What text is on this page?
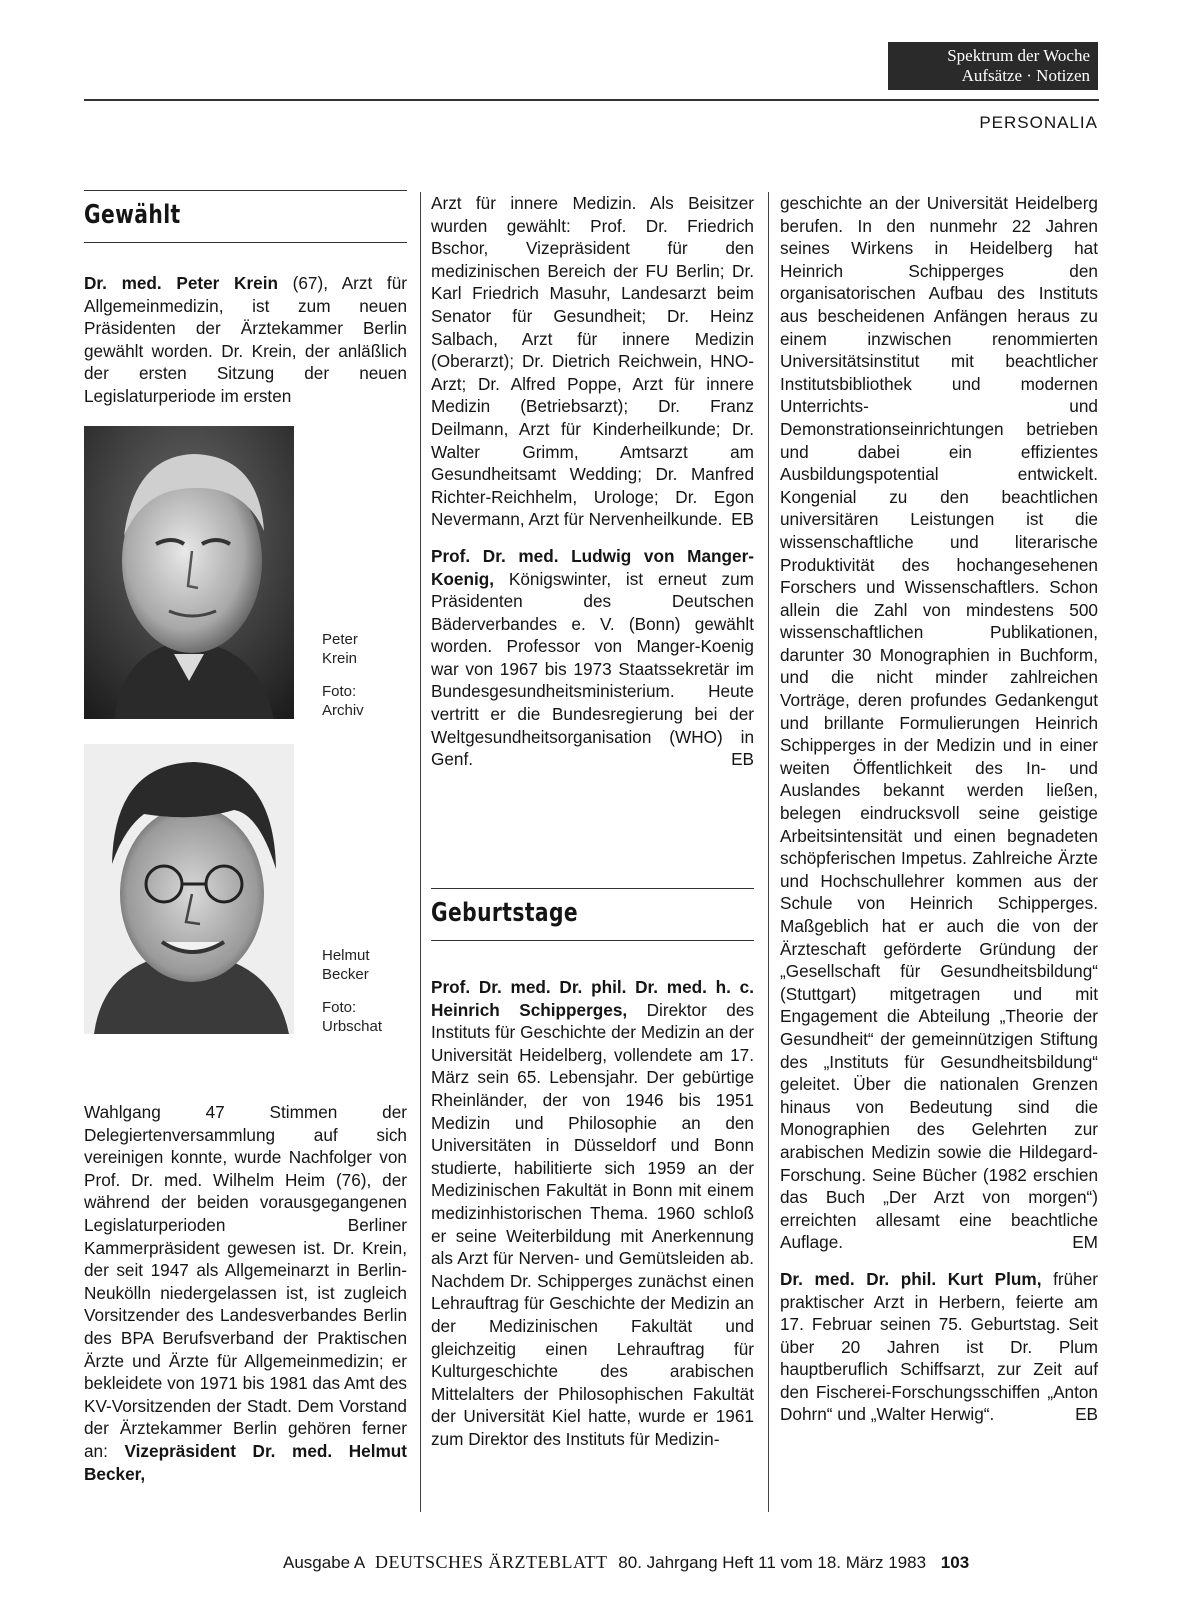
Spektrum der Woche
Aufsätze · Notizen
PERSONALIA
Gewählt

Dr. med. Peter Krein (67), Arzt für Allgemeinmedizin, ist zum neuen Präsidenten der Ärztekammer Berlin gewählt worden. Dr. Krein, der anläßlich der ersten Sitzung der neuen Legislaturperiode im ersten

Peter
Krein
Foto:
Archiv
Helmut
Becker
Foto:
Urbschat

Wahlgang 47 Stimmen der Delegiertenversammlung auf sich vereinigen konnte, wurde Nachfolger von Prof. Dr. med. Wilhelm Heim (76), der während der beiden vorausgegangenen Legislaturperioden Berliner Kammerpräsident gewesen ist. Dr. Krein, der seit 1947 als Allgemeinarzt in Berlin-Neukölln niedergelassen ist, ist zugleich Vorsitzender des Landesverbandes Berlin des BPA Berufsverband der Praktischen Ärzte und Ärzte für Allgemeinmedizin; er bekleidete von 1971 bis 1981 das Amt des KV-Vorsitzenden der Stadt. Dem Vorstand der Ärztekammer Berlin gehören ferner an: Vizepräsident Dr. med. Helmut Becker,

Arzt für innere Medizin. Als Beisitzer wurden gewählt: Prof. Dr. Friedrich Bschor, Vizepräsident für den medizinischen Bereich der FU Berlin; Dr. Karl Friedrich Masuhr, Landesarzt beim Senator für Gesundheit; Dr. Heinz Salbach, Arzt für innere Medizin (Oberarzt); Dr. Dietrich Reichwein, HNO-Arzt; Dr. Alfred Poppe, Arzt für innere Medizin (Betriebsarzt); Dr. Franz Deilmann, Arzt für Kinderheilkunde; Dr. Walter Grimm, Amtsarzt am Gesundheitsamt Wedding; Dr. Manfred Richter-Reichhelm, Urologe; Dr. Egon Nevermann, Arzt für Nervenheilkunde. EB

Prof. Dr. med. Ludwig von Manger-Koenig, Königswinter, ist erneut zum Präsidenten des Deutschen Bäderverbandes e. V. (Bonn) gewählt worden. Professor von Manger-Koenig war von 1967 bis 1973 Staatssekretär im Bundesgesundheitsministerium. Heute vertritt er die Bundesregierung bei der Weltgesundheitsorganisation (WHO) in Genf.	EB

Geburtstage

Prof. Dr. med. Dr. phil. Dr. med. h. c. Heinrich Schipperges, Direktor des Instituts für Geschichte der Medizin an der Universität Heidelberg, vollendete am 17. März sein 65. Lebensjahr. Der gebürtige Rheinländer, der von 1946 bis 1951 Medizin und Philosophie an den Universitäten in Düsseldorf und Bonn studierte, habilitierte sich 1959 an der Medizinischen Fakultät in Bonn mit einem medizinhistorischen Thema. 1960 schloß er seine Weiterbildung mit Anerkennung als Arzt für Nerven- und Gemütsleiden ab. Nachdem Dr. Schipperges zunächst einen Lehrauftrag für Geschichte der Medizin an der Medizinischen Fakultät und gleichzeitig einen Lehrauftrag für Kulturgeschichte des arabischen Mittelalters der Philosophischen Fakultät der Universität Kiel hatte, wurde er 1961 zum Direktor des Instituts für Medizin-

geschichte an der Universität Heidelberg berufen. In den nunmehr 22 Jahren seines Wirkens in Heidelberg hat Heinrich Schipperges den organisatorischen Aufbau des Instituts aus bescheidenen Anfängen heraus zu einem inzwischen renommierten Universitätsinstitut mit beachtlicher Institutsbibliothek und modernen Unterrichts- und Demonstrationseinrichtungen betrieben und dabei ein effizientes Ausbildungspotential entwickelt. Kongenial zu den beachtlichen universitären Leistungen ist die wissenschaftliche und literarische Produktivität des hochangesehenen Forschers und Wissenschaftlers. Schon allein die Zahl von mindestens 500 wissenschaftlichen Publikationen, darunter 30 Monographien in Buchform, und die nicht minder zahlreichen Vorträge, deren profundes Gedankengut und brillante Formulierungen Heinrich Schipperges in der Medizin und in einer weiten Öffentlichkeit des In- und Auslandes bekannt werden ließen, belegen eindrucksvoll seine geistige Arbeitsintensität und einen begnadeten schöpferischen Impetus. Zahlreiche Ärzte und Hochschullehrer kommen aus der Schule von Heinrich Schipperges. Maßgeblich hat er auch die von der Ärzteschaft geförderte Gründung der „Gesellschaft für Gesundheitsbildung“ (Stuttgart) mitgetragen und mit Engagement die Abteilung „Theorie der Gesundheit“ der gemeinnützigen Stiftung des „Instituts für Gesundheitsbildung“ geleitet. Über die nationalen Grenzen hinaus von Bedeutung sind die Monographien des Gelehrten zur arabischen Medizin sowie die Hildegard-Forschung. Seine Bücher (1982 erschien das Buch „Der Arzt von morgen“) erreichten allesamt eine beachtliche Auflage.	EM

Dr. med. Dr. phil. Kurt Plum, früher praktischer Arzt in Herbern, feierte am 17. Februar seinen 75. Geburtstag. Seit über 20 Jahren ist Dr. Plum hauptberuflich Schiffsarzt, zur Zeit auf den Fischerei-Forschungsschiffen „Anton Dohrn“ und „Walter Herwig“.	EB

Ausgabe A DEUTSCHES ÄRZTEBLATT 80. Jahrgang Heft 11 vom 18. März 1983 103
